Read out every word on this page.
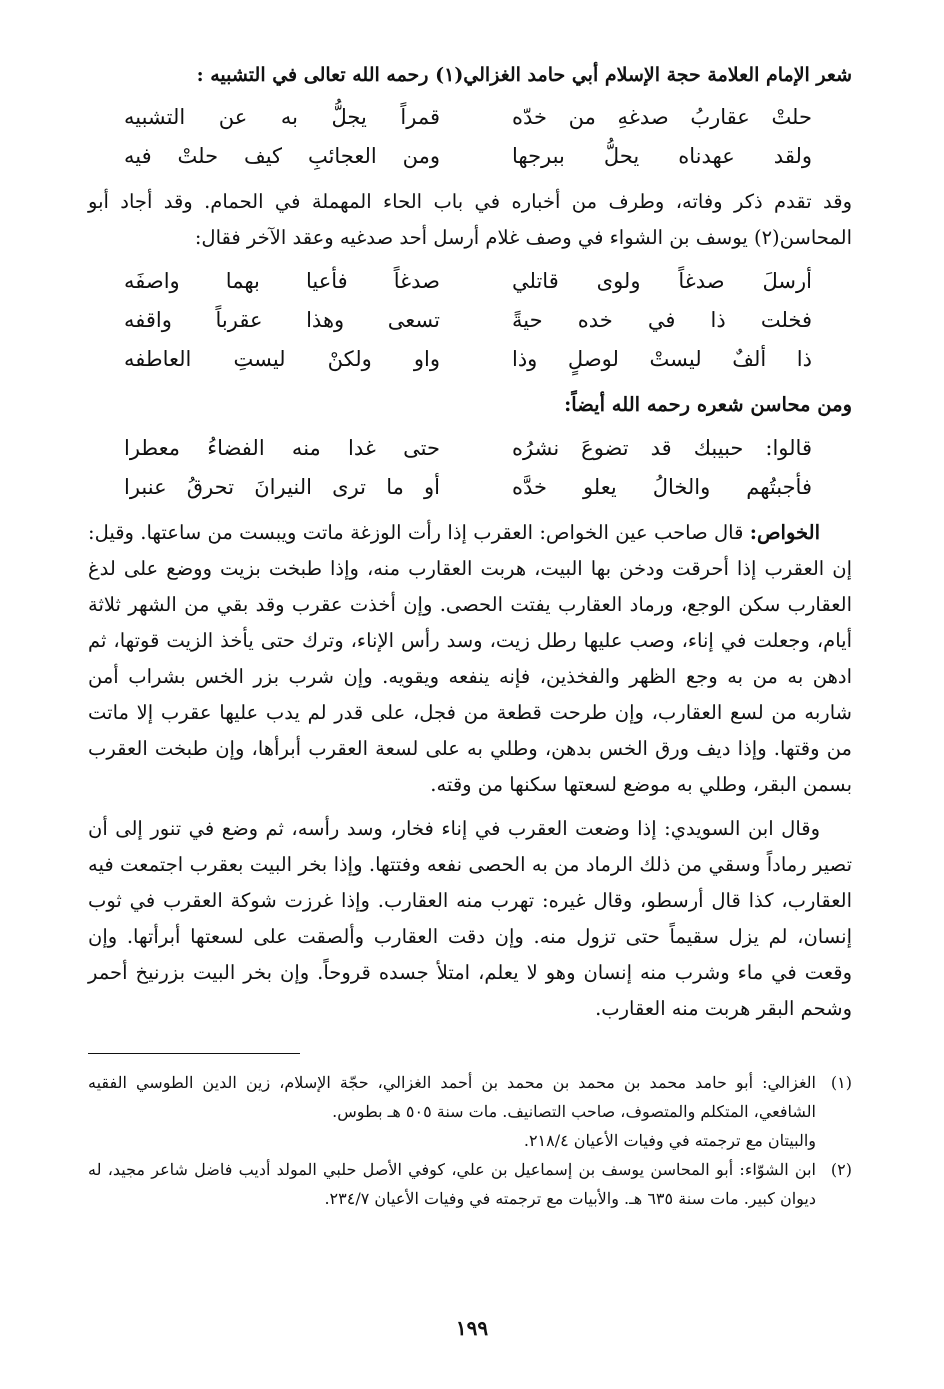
شعر الإمام العلامة حجة الإسلام أبي حامد الغزالي(١) رحمه الله تعالى في التشبيه :

حلتْ عقاربُ صدغهِ من خدّه
قمراً يجلُّ به عن التشبيه
ولقد عهدناه يحلُّ ببرجها
ومن العجائبِ كيف حلتْ فيه

وقد تقدم ذكر وفاته، وطرف من أخباره في باب الحاء المهملة في الحمام. وقد أجاد أبو المحاسن(٢) يوسف بن الشواء في وصف غلام أرسل أحد صدغيه وعقد الآخر فقال:

أرسلَ صدغاً ولوى قاتلي
صدغاً فأعيا بهما واصفَه
فخلت ذا في خده حيةً
تسعى وهذا عقرباً واقفه
ذا ألفٌ ليستْ لوصلٍ وذا
واو ولكنْ ليستِ العاطفه

ومن محاسن شعره رحمه الله أيضاً:

قالوا: حبيبك قد تضوعَ نشرُه
حتى غدا منه الفضاءُ معطرا
فأجبتُهم والخالُ يعلو خدَّه
أو ما ترى النيرانَ تحرقُ عنبرا

الخواص: قال صاحب عين الخواص: العقرب إذا رأت الوزغة ماتت ويبست من ساعتها. وقيل: إن العقرب إذا أحرقت ودخن بها البيت، هربت العقارب منه، وإذا طبخت بزيت ووضع على لدغ العقارب سكن الوجع، ورماد العقارب يفتت الحصى. وإن أخذت عقرب وقد بقي من الشهر ثلاثة أيام، وجعلت في إناء، وصب عليها رطل زيت، وسد رأس الإناء، وترك حتى يأخذ الزيت قوتها، ثم ادهن به من به وجع الظهر والفخذين، فإنه ينفعه ويقويه. وإن شرب بزر الخس بشراب أمن شاربه من لسع العقارب، وإن طرحت قطعة من فجل، على قدر لم يدب عليها عقرب إلا ماتت من وقتها. وإذا ديف ورق الخس بدهن، وطلي به على لسعة العقرب أبرأها، وإن طبخت العقرب بسمن البقر، وطلي به موضع لسعتها سكنها من وقته.

وقال ابن السويدي: إذا وضعت العقرب في إناء فخار، وسد رأسه، ثم وضع في تنور إلى أن تصير رماداً وسقي من ذلك الرماد من به الحصى نفعه وفتتها. وإذا بخر البيت بعقرب اجتمعت فيه العقارب، كذا قال أرسطو، وقال غيره: تهرب منه العقارب. وإذا غرزت شوكة العقرب في ثوب إنسان، لم يزل سقيماً حتى تزول منه. وإن دقت العقارب وألصقت على لسعتها أبرأتها. وإن وقعت في ماء وشرب منه إنسان وهو لا يعلم، امتلأ جسده قروحاً. وإن بخر البيت بزرنيخ أحمر وشحم البقر هربت منه العقارب.

(١)
الغزالي: أبو حامد محمد بن محمد بن محمد بن أحمد الغزالي، حجّة الإسلام، زين الدين الطوسي الفقيه الشافعي، المتكلم والمتصوف، صاحب التصانيف. مات سنة ٥٠٥ هـ بطوس.
والبيتان مع ترجمته في وفيات الأعيان ٢١٨/٤.
(٢)
ابن الشوّاء: أبو المحاسن يوسف بن إسماعيل بن علي، كوفي الأصل حلبي المولد أديب فاضل شاعر مجيد، له ديوان كبير. مات سنة ٦٣٥ هـ. والأبيات مع ترجمته في وفيات الأعيان ٢٣٤/٧.
١٩٩
